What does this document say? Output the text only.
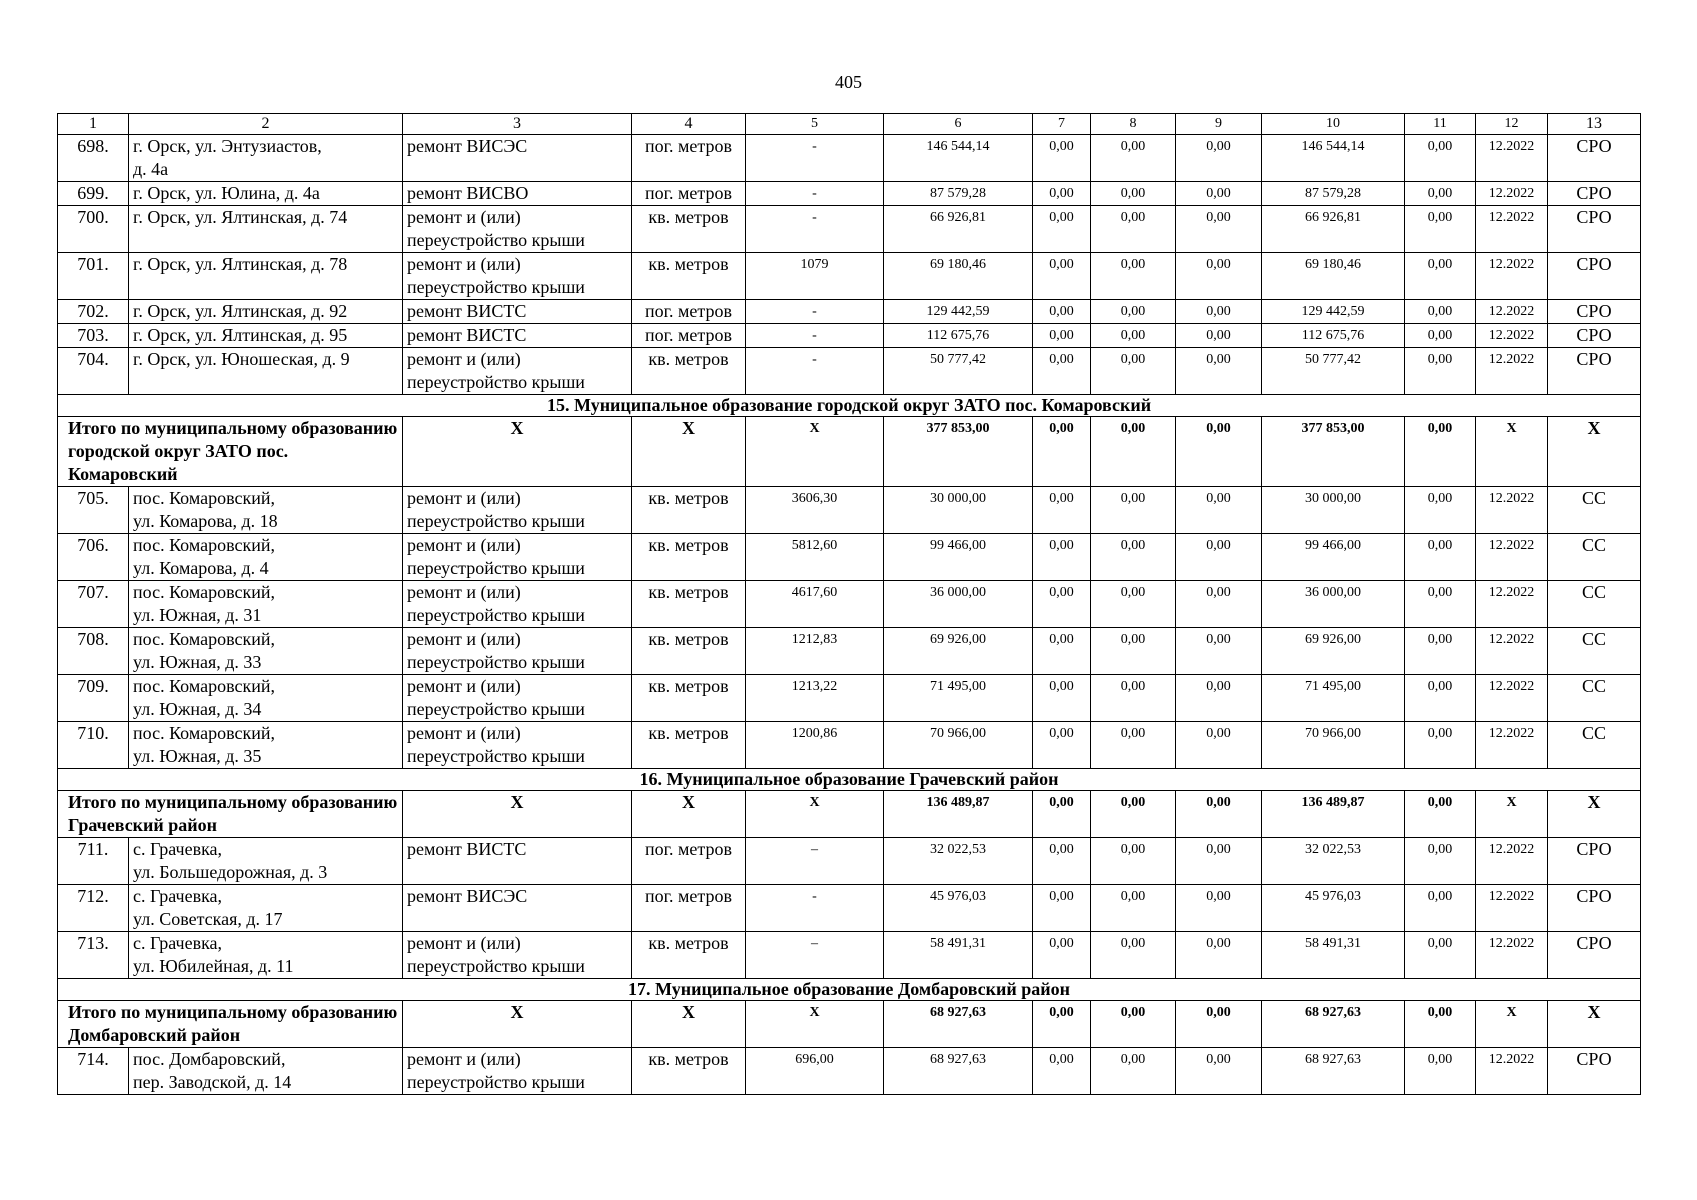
405
1	2	3	4	5	6	7	8	9	10	11	12	13
698.	г. Орск, ул. Энтузиастов,
д. 4а	ремонт ВИСЭС	пог. метров	-	146 544,14	0,00	0,00	0,00	146 544,14	0,00	12.2022	СРО
699.	г. Орск, ул. Юлина, д. 4а	ремонт ВИСВО	пог. метров	-	87 579,28	0,00	0,00	0,00	87 579,28	0,00	12.2022	СРО
700.	г. Орск, ул. Ялтинская, д. 74	ремонт и (или)
переустройство крыши	кв. метров	-	66 926,81	0,00	0,00	0,00	66 926,81	0,00	12.2022	СРО
701.	г. Орск, ул. Ялтинская, д. 78	ремонт и (или)
переустройство крыши	кв. метров	1079	69 180,46	0,00	0,00	0,00	69 180,46	0,00	12.2022	СРО
702.	г. Орск, ул. Ялтинская, д. 92	ремонт ВИСТС	пог. метров	-	129 442,59	0,00	0,00	0,00	129 442,59	0,00	12.2022	СРО
703.	г. Орск, ул. Ялтинская, д. 95	ремонт ВИСТС	пог. метров	-	112 675,76	0,00	0,00	0,00	112 675,76	0,00	12.2022	СРО
704.	г. Орск, ул. Юношеская, д. 9	ремонт и (или)
переустройство крыши	кв. метров	-	50 777,42	0,00	0,00	0,00	50 777,42	0,00	12.2022	СРО
15. Муниципальное образование городской округ ЗАТО пос. Комаровский												
Итого по муниципальному образованию городской округ ЗАТО пос. Комаровский		X	X	X	377 853,00	0,00	0,00	0,00	377 853,00	0,00	X	X
705.	пос. Комаровский,
ул. Комарова, д. 18	ремонт и (или)
переустройство крыши	кв. метров	3606,30	30 000,00	0,00	0,00	0,00	30 000,00	0,00	12.2022	СС
706.	пос. Комаровский,
ул. Комарова, д. 4	ремонт и (или)
переустройство крыши	кв. метров	5812,60	99 466,00	0,00	0,00	0,00	99 466,00	0,00	12.2022	СС
707.	пос. Комаровский,
ул. Южная, д. 31	ремонт и (или)
переустройство крыши	кв. метров	4617,60	36 000,00	0,00	0,00	0,00	36 000,00	0,00	12.2022	СС
708.	пос. Комаровский,
ул. Южная, д. 33	ремонт и (или)
переустройство крыши	кв. метров	1212,83	69 926,00	0,00	0,00	0,00	69 926,00	0,00	12.2022	СС
709.	пос. Комаровский,
ул. Южная, д. 34	ремонт и (или)
переустройство крыши	кв. метров	1213,22	71 495,00	0,00	0,00	0,00	71 495,00	0,00	12.2022	СС
710.	пос. Комаровский,
ул. Южная, д. 35	ремонт и (или)
переустройство крыши	кв. метров	1200,86	70 966,00	0,00	0,00	0,00	70 966,00	0,00	12.2022	СС
16. Муниципальное образование Грачевский район												
Итого по муниципальному образованию Грачевский район		X	X	X	136 489,87	0,00	0,00	0,00	136 489,87	0,00	X	X
711.	с. Грачевка,
ул. Большедорожная, д. 3	ремонт ВИСТС	пог. метров	–	32 022,53	0,00	0,00	0,00	32 022,53	0,00	12.2022	СРО
712.	с. Грачевка,
ул. Советская, д. 17	ремонт ВИСЭС	пог. метров	-	45 976,03	0,00	0,00	0,00	45 976,03	0,00	12.2022	СРО
713.	с. Грачевка,
ул. Юбилейная, д. 11	ремонт и (или)
переустройство крыши	кв. метров	–	58 491,31	0,00	0,00	0,00	58 491,31	0,00	12.2022	СРО
17. Муниципальное образование Домбаровский район												
Итого по муниципальному образованию Домбаровский район		X	X	X	68 927,63	0,00	0,00	0,00	68 927,63	0,00	X	X
714.	пос. Домбаровский,
пер. Заводской, д. 14	ремонт и (или)
переустройство крыши	кв. метров	696,00	68 927,63	0,00	0,00	0,00	68 927,63	0,00	12.2022	СРО
